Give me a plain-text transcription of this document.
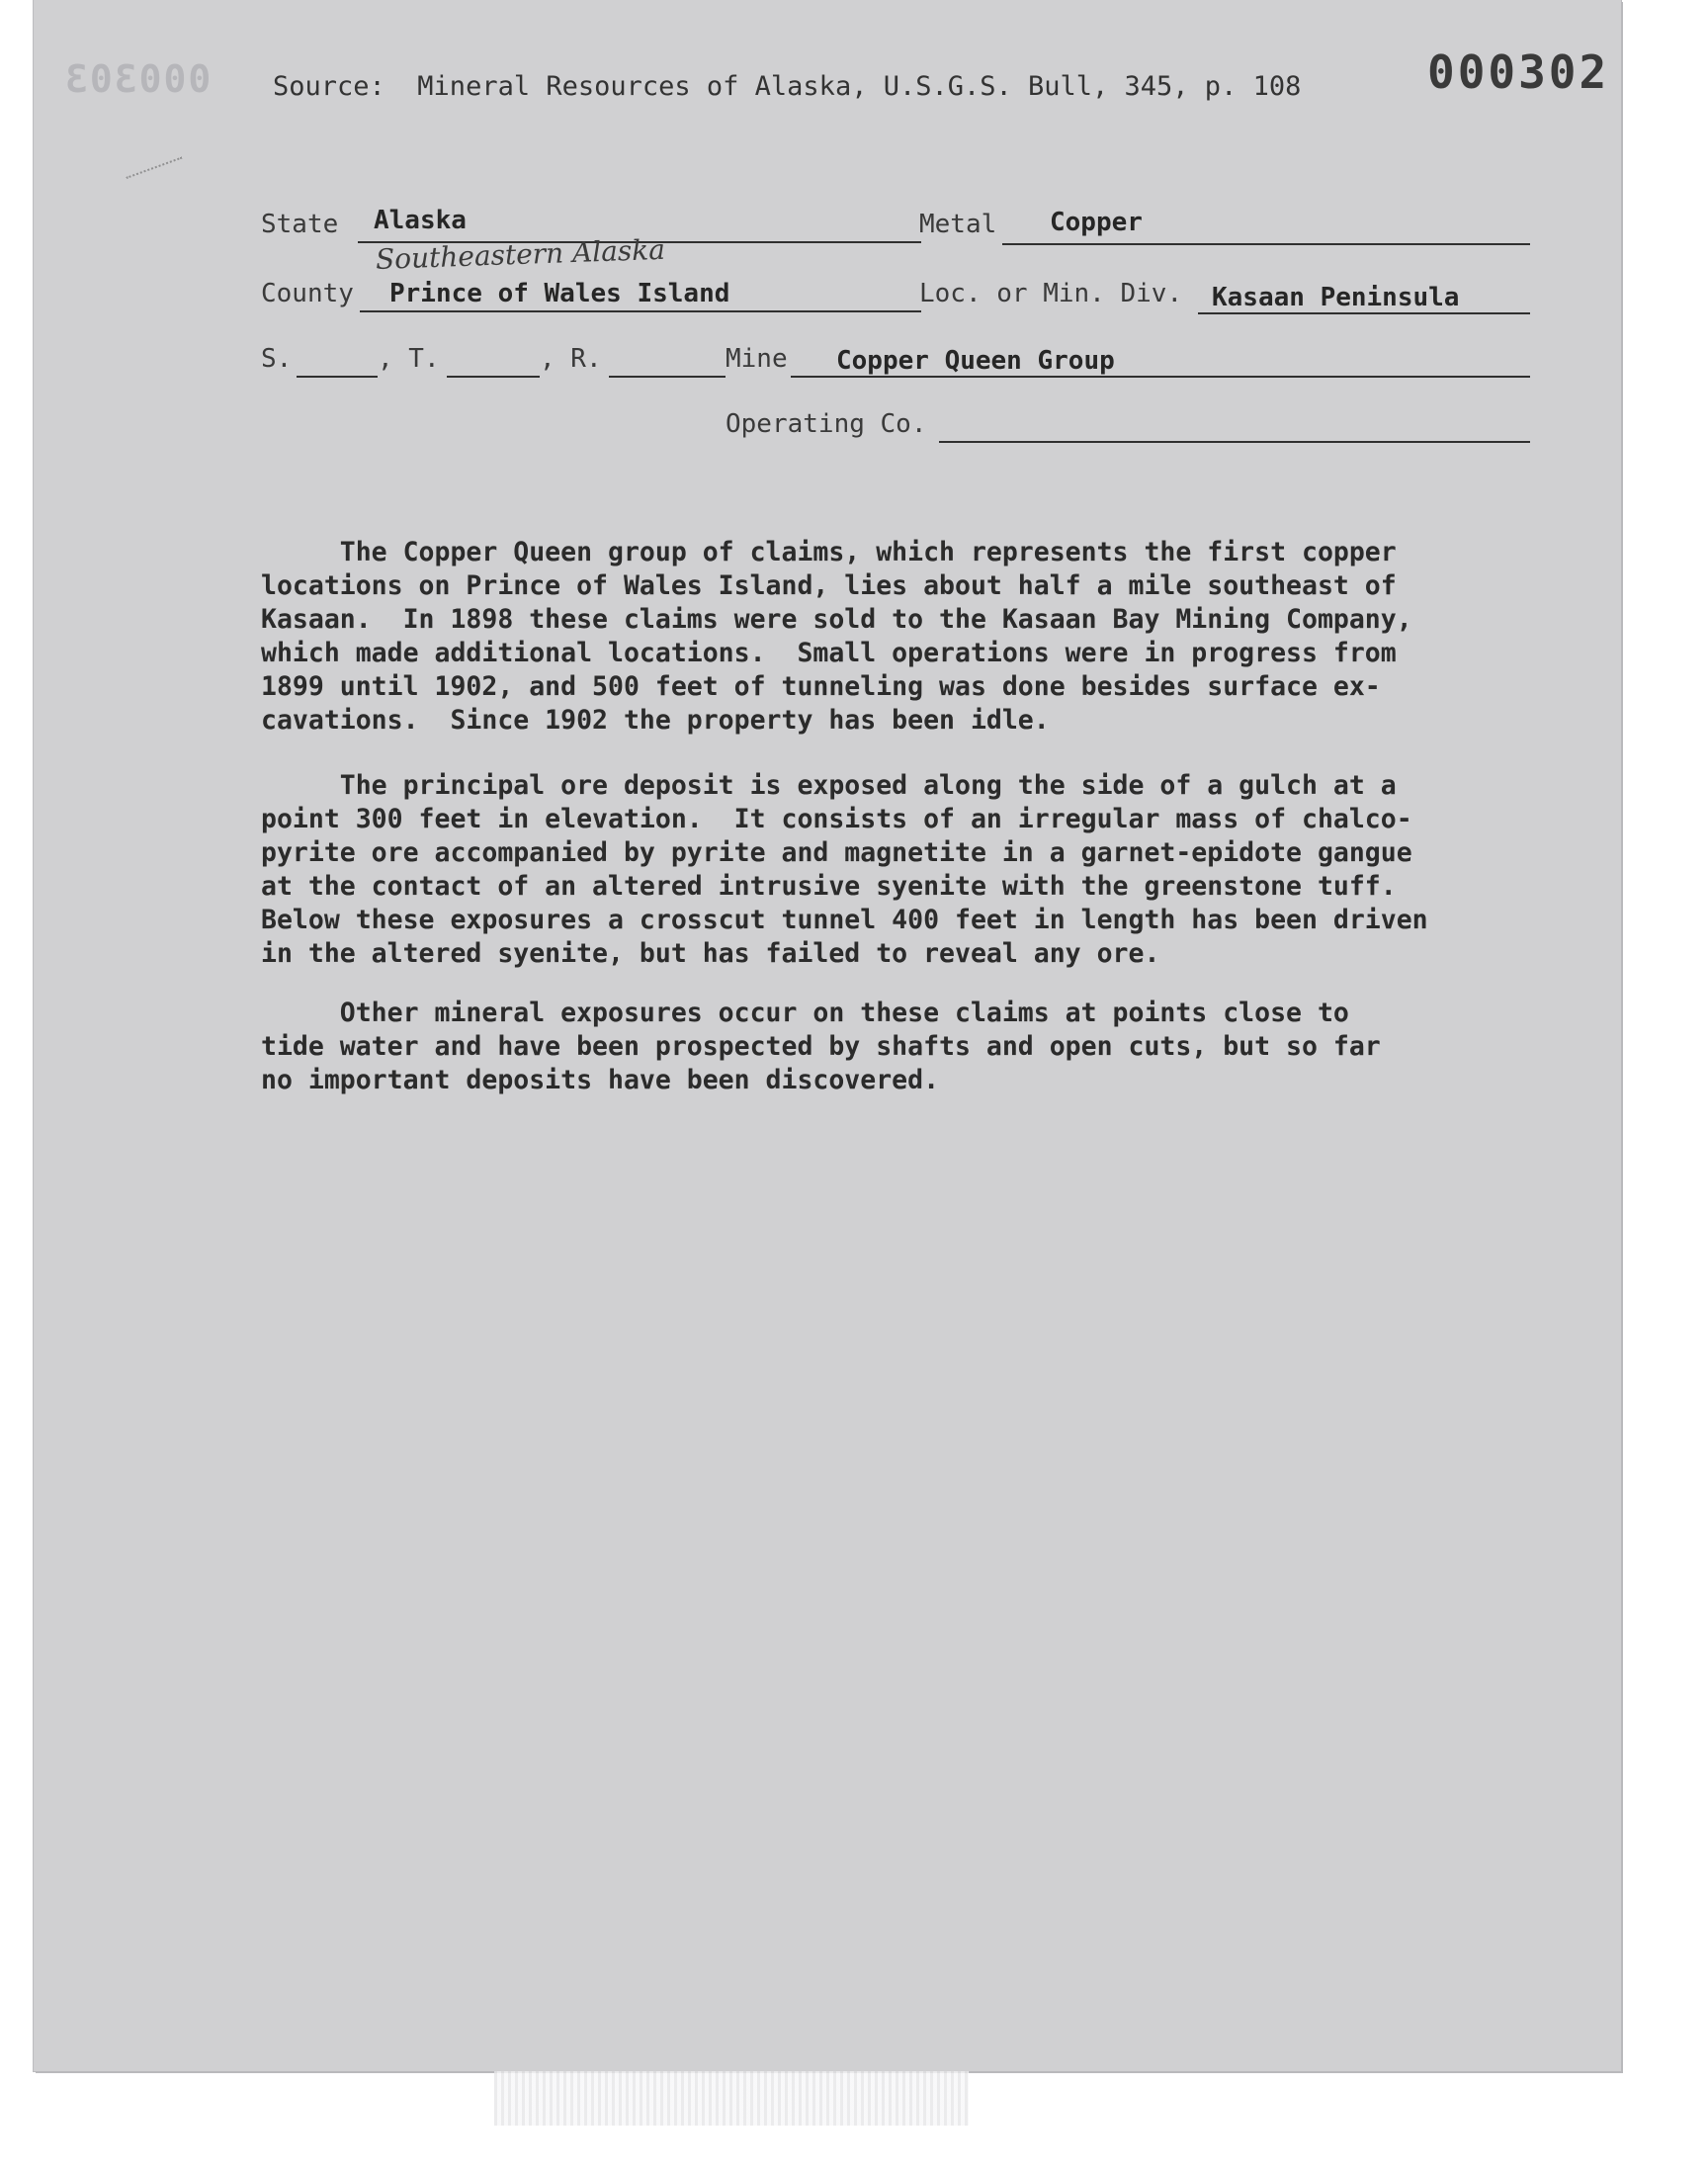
000303 Source:  Mineral Resources of Alaska, U.S.G.S. Bull, 345, p. 108	000302
State Alaska	Metal Copper
Southeastern Alaska
County Prince of Wales Island	Loc. or Min. Div. Kasaan Peninsula
S.	, T.	, R.	Mine Copper Queen Group
Operating Co.
The Copper Queen group of claims, which represents the first copper
locations on Prince of Wales Island, lies about half a mile southeast of
Kasaan.  In 1898 these claims were sold to the Kasaan Bay Mining Company,
which made additional locations.  Small operations were in progress from
1899 until 1902, and 500 feet of tunneling was done besides surface ex-
cavations.  Since 1902 the property has been idle.
The principal ore deposit is exposed along the side of a gulch at a
point 300 feet in elevation.  It consists of an irregular mass of chalco-
pyrite ore accompanied by pyrite and magnetite in a garnet-epidote gangue
at the contact of an altered intrusive syenite with the greenstone tuff.
Below these exposures a crosscut tunnel 400 feet in length has been driven
in the altered syenite, but has failed to reveal any ore.
Other mineral exposures occur on these claims at points close to
tide water and have been prospected by shafts and open cuts, but so far
no important deposits have been discovered.
